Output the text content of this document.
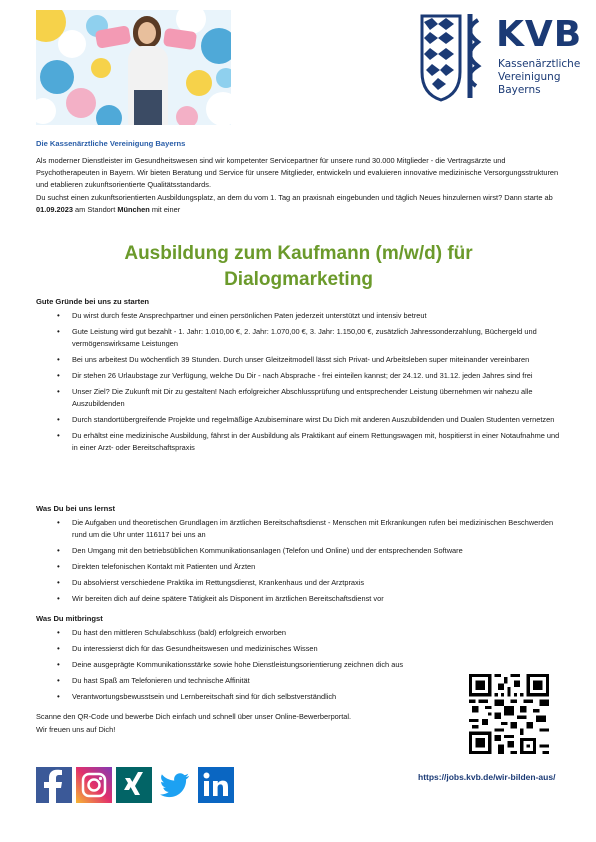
KVB
Kassenärztliche
Vereinigung
Bayerns
Die Kassenärztliche Vereinigung Bayerns

Als moderner Dienstleister im Gesundheitswesen sind wir kompetenter Servicepartner für unsere rund 30.000 Mitglieder - die Vertragsärzte und Psychotherapeuten in Bayern. Wir bieten Beratung und Service für unsere Mitglieder, entwickeln und evaluieren innovative medizinische Versorgungsstrukturen und etablieren zukunftsorientierte Qualitätsstandards.

Du suchst einen zukunftsorientierten Ausbildungsplatz, an dem du vom 1. Tag an praxisnah eingebunden und täglich Neues hinzulernen wirst? Dann starte ab 01.09.2023 am Standort München mit einer

Ausbildung zum Kaufmann (m/w/d) für
Dialogmarketing
Gute Gründe bei uns zu starten
• Du wirst durch feste Ansprechpartner und einen persönlichen Paten jederzeit unterstützt und intensiv betreut
• Gute Leistung wird gut bezahlt - 1. Jahr: 1.010,00 €, 2. Jahr: 1.070,00 €, 3. Jahr: 1.150,00 €, zusätzlich Jahressonderzahlung, Büchergeld und vermögenswirksame Leistungen
• Bei uns arbeitest Du wöchentlich 39 Stunden. Durch unser Gleitzeitmodell lässt sich Privat- und Arbeitsleben super miteinander vereinbaren
• Dir stehen 26 Urlaubstage zur Verfügung, welche Du Dir - nach Absprache - frei einteilen kannst; der 24.12. und 31.12. jeden Jahres sind frei
• Unser Ziel? Die Zukunft mit Dir zu gestalten! Nach erfolgreicher Abschlussprüfung und entsprechender Leistung übernehmen wir nahezu alle Auszubildenden
• Durch standortübergreifende Projekte und regelmäßige Azubiseminare wirst Du Dich mit anderen Auszubildenden und Dualen Studenten vernetzen
• Du erhältst eine medizinische Ausbildung, fährst in der Ausbildung als Praktikant auf einem Rettungswagen mit, hospitierst in einer Notaufnahme und in einer Arzt- oder Bereitschaftspraxis
Was Du bei uns lernst
• Die Aufgaben und theoretischen Grundlagen im ärztlichen Bereitschaftsdienst - Menschen mit Erkrankungen rufen bei medizinischen Beschwerden rund um die Uhr unter 116117 bei uns an
• Den Umgang mit den betriebsüblichen Kommunikationsanlagen (Telefon und Online) und der entsprechenden Software
• Direkten telefonischen Kontakt mit Patienten und Ärzten
• Du absolvierst verschiedene Praktika im Rettungsdienst, Krankenhaus und der Arztpraxis
• Wir bereiten dich auf deine spätere Tätigkeit als Disponent im ärztlichen Bereitschaftsdienst vor
Was Du mitbringst
• Du hast den mittleren Schulabschluss (bald) erfolgreich erworben
• Du interessierst dich für das Gesundheitswesen und medizinisches Wissen
• Deine ausgeprägte Kommunikationsstärke sowie hohe Dienstleistungsorientierung zeichnen dich aus
• Du hast Spaß am Telefonieren und technische Affinität
• Verantwortungsbewusstsein und Lernbereitschaft sind für dich selbstverständlich
Scanne den QR-Code und bewerbe Dich einfach und schnell über unser Online-Bewerberportal.
Wir freuen uns auf Dich!
https://jobs.kvb.de/wir-bilden-aus/
